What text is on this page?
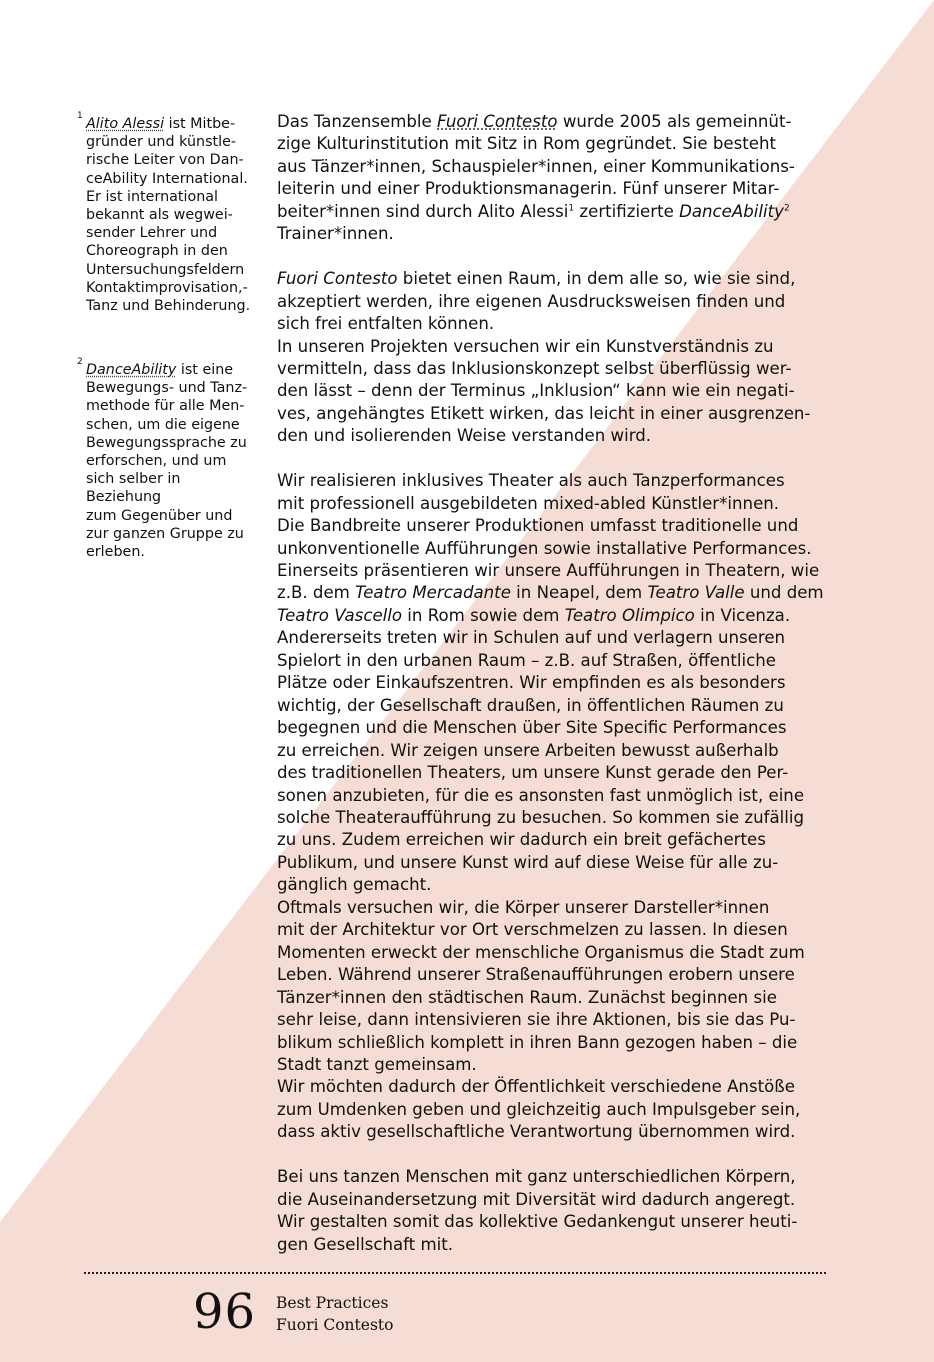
1 Alito Alessi ist Mitbe-
gründer und künstle-
rische Leiter von Dan-
ceAbility International.
Er ist international
bekannt als wegwei-
sender Lehrer und
Choreograph in den
Untersuchungsfeldern
Kontaktimprovisation,-
Tanz und Behinderung.

2 DanceAbility ist eine
Bewegungs- und Tanz-
methode für alle Men-
schen, um die eigene
Bewegungssprache zu
erforschen, und um
sich selber in Beziehung
zum Gegenüber und
zur ganzen Gruppe zu
erleben.

Das Tanzensemble Fuori Contesto wurde 2005 als gemeinnüt-
zige Kulturinstitution mit Sitz in Rom gegründet. Sie besteht
aus Tänzer*innen, Schauspieler*innen, einer Kommunikations-
leiterin und einer Produktionsmanagerin. Fünf unserer Mitar-
beiter*innen sind durch Alito Alessi$^1$ zertifizierte DanceAbility$^2$
Trainer*innen.

Fuori Contesto bietet einen Raum, in dem alle so, wie sie sind,
akzeptiert werden, ihre eigenen Ausdrucksweisen finden und
sich frei entfalten können.

In unseren Projekten versuchen wir ein Kunstverständnis zu
vermitteln, dass das Inklusionskonzept selbst überflüssig wer-
den lässt – denn der Terminus „Inklusion“ kann wie ein negati-
ves, angehängtes Etikett wirken, das leicht in einer ausgrenzen-
den und isolierenden Weise verstanden wird.

Wir realisieren inklusives Theater als auch Tanzperformances
mit professionell ausgebildeten mixed-abled Künstler*innen.

Die Bandbreite unserer Produktionen umfasst traditionelle und
unkonventionelle Aufführungen sowie installative Performances.
Einerseits präsentieren wir unsere Aufführungen in Theatern, wie
z.B. dem Teatro Mercadante in Neapel, dem Teatro Valle und dem
Teatro Vascello in Rom sowie dem Teatro Olimpico in Vicenza.
Andererseits treten wir in Schulen auf und verlagern unseren
Spielort in den urbanen Raum – z.B. auf Straßen, öffentliche
Plätze oder Einkaufszentren. Wir empfinden es als besonders
wichtig, der Gesellschaft draußen, in öffentlichen Räumen zu
begegnen und die Menschen über Site Specific Performances
zu erreichen. Wir zeigen unsere Arbeiten bewusst außerhalb
des traditionellen Theaters, um unsere Kunst gerade den Per-
sonen anzubieten, für die es ansonsten fast unmöglich ist, eine
solche Theateraufführung zu besuchen. So kommen sie zufällig
zu uns. Zudem erreichen wir dadurch ein breit gefächertes
Publikum, und unsere Kunst wird auf diese Weise für alle zu-
gänglich gemacht.

Oftmals versuchen wir, die Körper unserer Darsteller*innen
mit der Architektur vor Ort verschmelzen zu lassen. In diesen
Momenten erweckt der menschliche Organismus die Stadt zum
Leben. Während unserer Straßenaufführungen erobern unsere
Tänzer*innen den städtischen Raum. Zunächst beginnen sie
sehr leise, dann intensivieren sie ihre Aktionen, bis sie das Pu-
blikum schließlich komplett in ihren Bann gezogen haben – die
Stadt tanzt gemeinsam.

Wir möchten dadurch der Öffentlichkeit verschiedene Anstöße
zum Umdenken geben und gleichzeitig auch Impulsgeber sein,
dass aktiv gesellschaftliche Verantwortung übernommen wird.

Bei uns tanzen Menschen mit ganz unterschiedlichen Körpern,
die Auseinandersetzung mit Diversität wird dadurch angeregt.
Wir gestalten somit das kollektive Gedankengut unserer heuti-
gen Gesellschaft mit.

96 Best Practices
Fuori Contesto
